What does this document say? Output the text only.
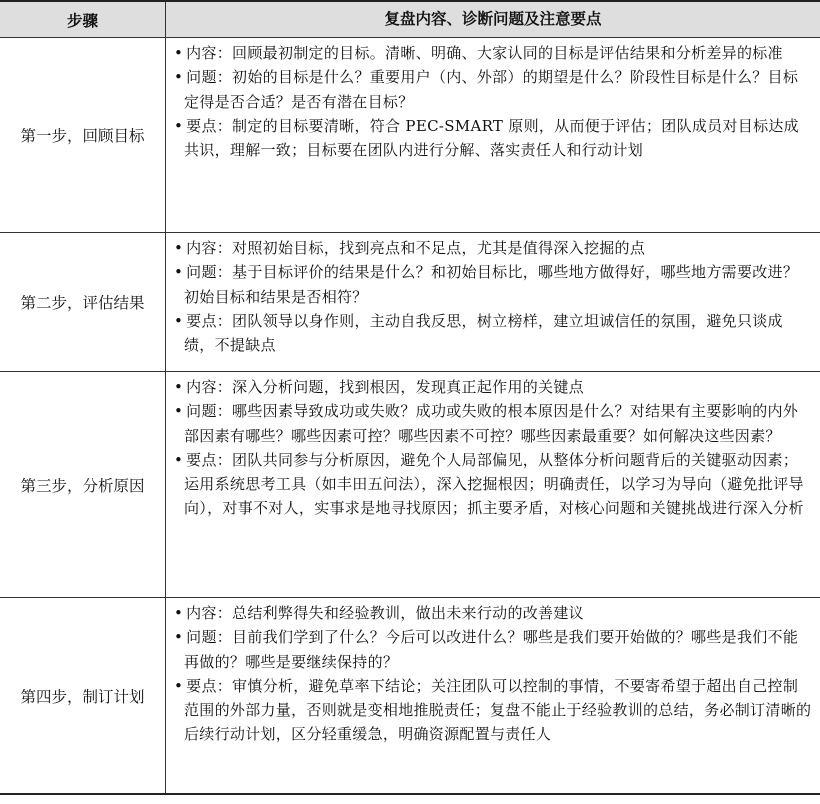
步骤	复盘内容、诊断问题及注意要点
第一步，回顾目标
• 内容：回顾最初制定的目标。清晰、明确、大家认同的目标是评估结果和分析差异的标准
• 问题：初始的目标是什么？重要用户（内、外部）的期望是什么？阶段性目标是什么？目标定得是否合适？是否有潜在目标？
• 要点：制定的目标要清晰，符合 PEC-SMART 原则，从而便于评估；团队成员对目标达成共识，理解一致；目标要在团队内进行分解、落实责任人和行动计划
第二步，评估结果
• 内容：对照初始目标，找到亮点和不足点，尤其是值得深入挖掘的点
• 问题：基于目标评价的结果是什么？和初始目标比，哪些地方做得好，哪些地方需要改进？初始目标和结果是否相符？
• 要点：团队领导以身作则，主动自我反思，树立榜样，建立坦诚信任的氛围，避免只谈成绩，不提缺点
第三步，分析原因
• 内容：深入分析问题，找到根因，发现真正起作用的关键点
• 问题：哪些因素导致成功或失败？成功或失败的根本原因是什么？对结果有主要影响的内外部因素有哪些？哪些因素可控？哪些因素不可控？哪些因素最重要？如何解决这些因素？
• 要点：团队共同参与分析原因，避免个人局部偏见，从整体分析问题背后的关键驱动因素；运用系统思考工具（如丰田五问法），深入挖掘根因；明确责任，以学习为导向（避免批评导向），对事不对人，实事求是地寻找原因；抓主要矛盾，对核心问题和关键挑战进行深入分析
第四步，制订计划
• 内容：总结利弊得失和经验教训，做出未来行动的改善建议
• 问题：目前我们学到了什么？今后可以改进什么？哪些是我们要开始做的？哪些是我们不能再做的？哪些是要继续保持的？
• 要点：审慎分析，避免草率下结论；关注团队可以控制的事情，不要寄希望于超出自己控制范围的外部力量，否则就是变相地推脱责任；复盘不能止于经验教训的总结，务必制订清晰的后续行动计划，区分轻重缓急，明确资源配置与责任人
